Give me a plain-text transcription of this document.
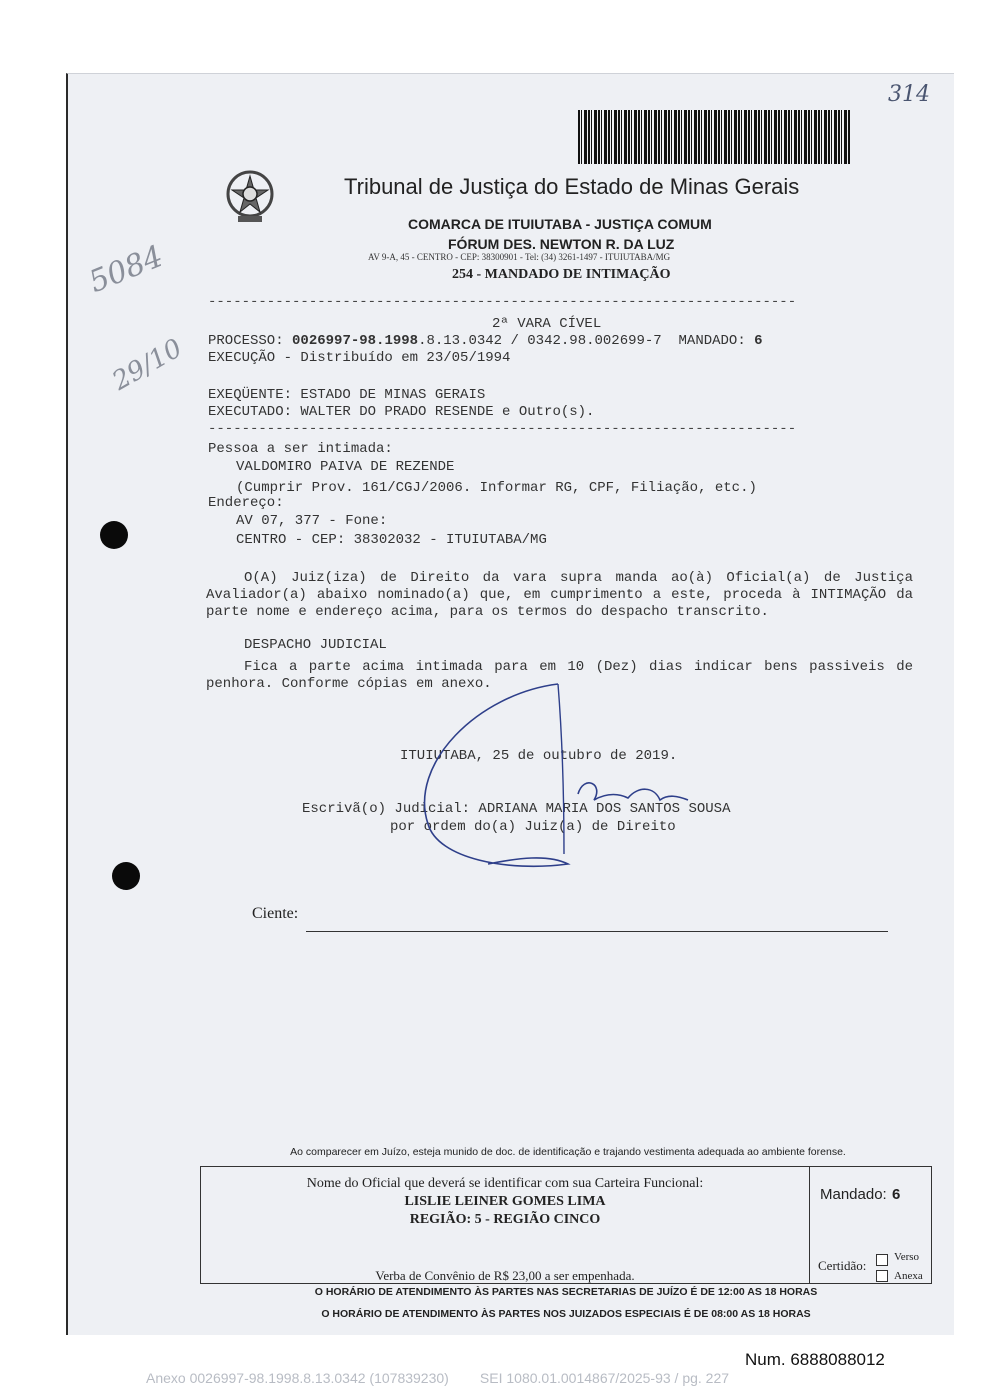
314
Tribunal de Justiça do Estado de Minas Gerais
COMARCA DE ITUIUTABA - JUSTIÇA COMUM
FÓRUM DES. NEWTON R. DA LUZ
AV 9-A, 45 - CENTRO - CEP: 38300901 - Tel: (34) 3261-1497 - ITUIUTABA/MG
254 - MANDADO DE INTIMAÇÃO
----------------------------------------------------------------------
2ª VARA CÍVEL
PROCESSO: 0026997-98.1998.8.13.0342 / 0342.98.002699-7 MANDADO: 6
EXECUÇÃO - Distribuído em 23/05/1994
EXEQÜENTE: ESTADO DE MINAS GERAIS
EXECUTADO: WALTER DO PRADO RESENDE e Outro(s).
----------------------------------------------------------------------
Pessoa a ser intimada:
VALDOMIRO PAIVA DE REZENDE
(Cumprir Prov. 161/CGJ/2006. Informar RG, CPF, Filiação, etc.)
Endereço:
AV 07, 377 - Fone:
CENTRO - CEP: 38302032 - ITUIUTABA/MG
O(A) Juiz(iza) de Direito da vara supra manda ao(à) Oficial(a) de Justiça Avaliador(a) abaixo nominado(a) que, em cumprimento a este, proceda à INTIMAÇÃO da parte nome e endereço acima, para os termos do despacho transcrito.
DESPACHO JUDICIAL
Fica a parte acima intimada para em 10 (Dez) dias indicar bens passiveis de penhora. Conforme cópias em anexo.
ITUIUTABA, 25 de outubro de 2019.
Escrivã(o) Judicial: ADRIANA MARIA DOS SANTOS SOUSA
por ordem do(a) Juiz(a) de Direito
5084
29/10
Ciente:
Ao comparecer em Juízo, esteja munido de doc. de identificação e trajando vestimenta adequada ao ambiente forense.
Nome do Oficial que deverá se identificar com sua Carteira Funcional:
LISLIE LEINER GOMES LIMA
REGIÃO: 5 - REGIÃO CINCO
Verba de Convênio de R$ 23,00 a ser empenhada.
Mandado: 6
Certidão:
Verso
Anexa
O HORÁRIO DE ATENDIMENTO ÀS PARTES NAS SECRETARIAS DE JUÍZO É DE 12:00 AS 18 HORAS
O HORÁRIO DE ATENDIMENTO ÀS PARTES NOS JUIZADOS ESPECIAIS É DE 08:00 AS 18 HORAS
Num. 6888088012
Anexo 0026997-98.1998.8.13.0342 (107839230)        SEI 1080.01.0014867/2025-93 / pg. 227
